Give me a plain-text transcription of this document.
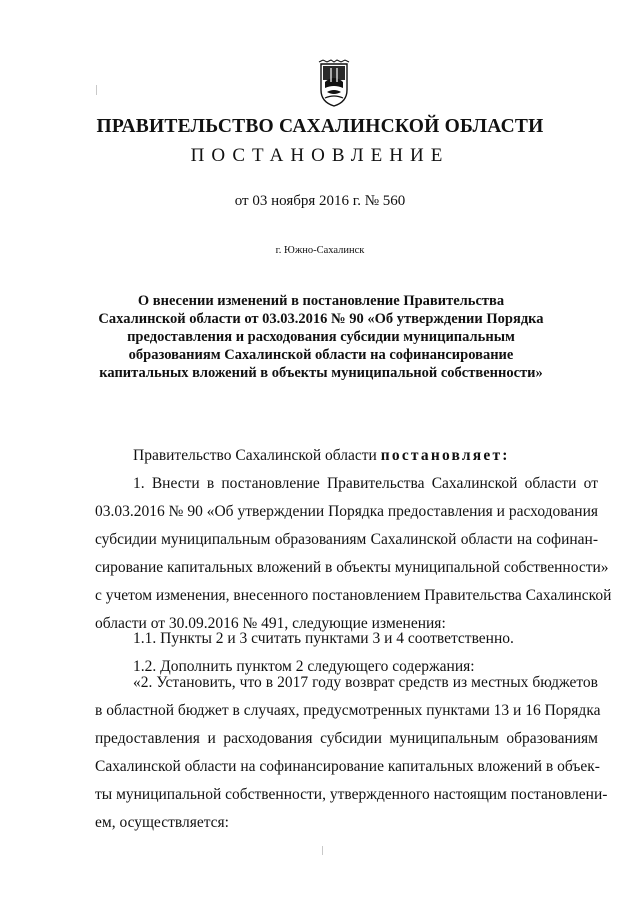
ПРАВИТЕЛЬСТВО САХАЛИНСКОЙ ОБЛАСТИ
ПОСТАНОВЛЕНИЕ
от 03 ноября 2016 г. № 560
г. Южно-Сахалинск
О внесении изменений в постановление Правительства Сахалинской области от 03.03.2016 № 90 «Об утверждении Порядка предоставления и расходования субсидии муниципальным образованиям Сахалинской области на софинансирование капитальных вложений в объекты муниципальной собственности»

Правительство Сахалинской области постановляет:

1. Внести в постановление Правительства Сахалинской области от

03.03.2016 № 90 «Об утверждении Порядка предоставления и расходования

субсидии муниципальным образованиям Сахалинской области на софинан-

сирование капитальных вложений в объекты муниципальной собственности»

с учетом изменения, внесенного постановлением Правительства Сахалинской

области от 30.09.2016 № 491, следующие изменения:

1.1. Пункты 2 и 3 считать пунктами 3 и 4 соответственно.

1.2. Дополнить пунктом 2 следующего содержания:

«2. Установить, что в 2017 году возврат средств из местных бюджетов

в областной бюджет в случаях, предусмотренных пунктами 13 и 16 Порядка

предоставления и расходования субсидии муниципальным образованиям

Сахалинской области на софинансирование капитальных вложений в объек-

ты муниципальной собственности, утвержденного настоящим постановлени-

ем, осуществляется:
